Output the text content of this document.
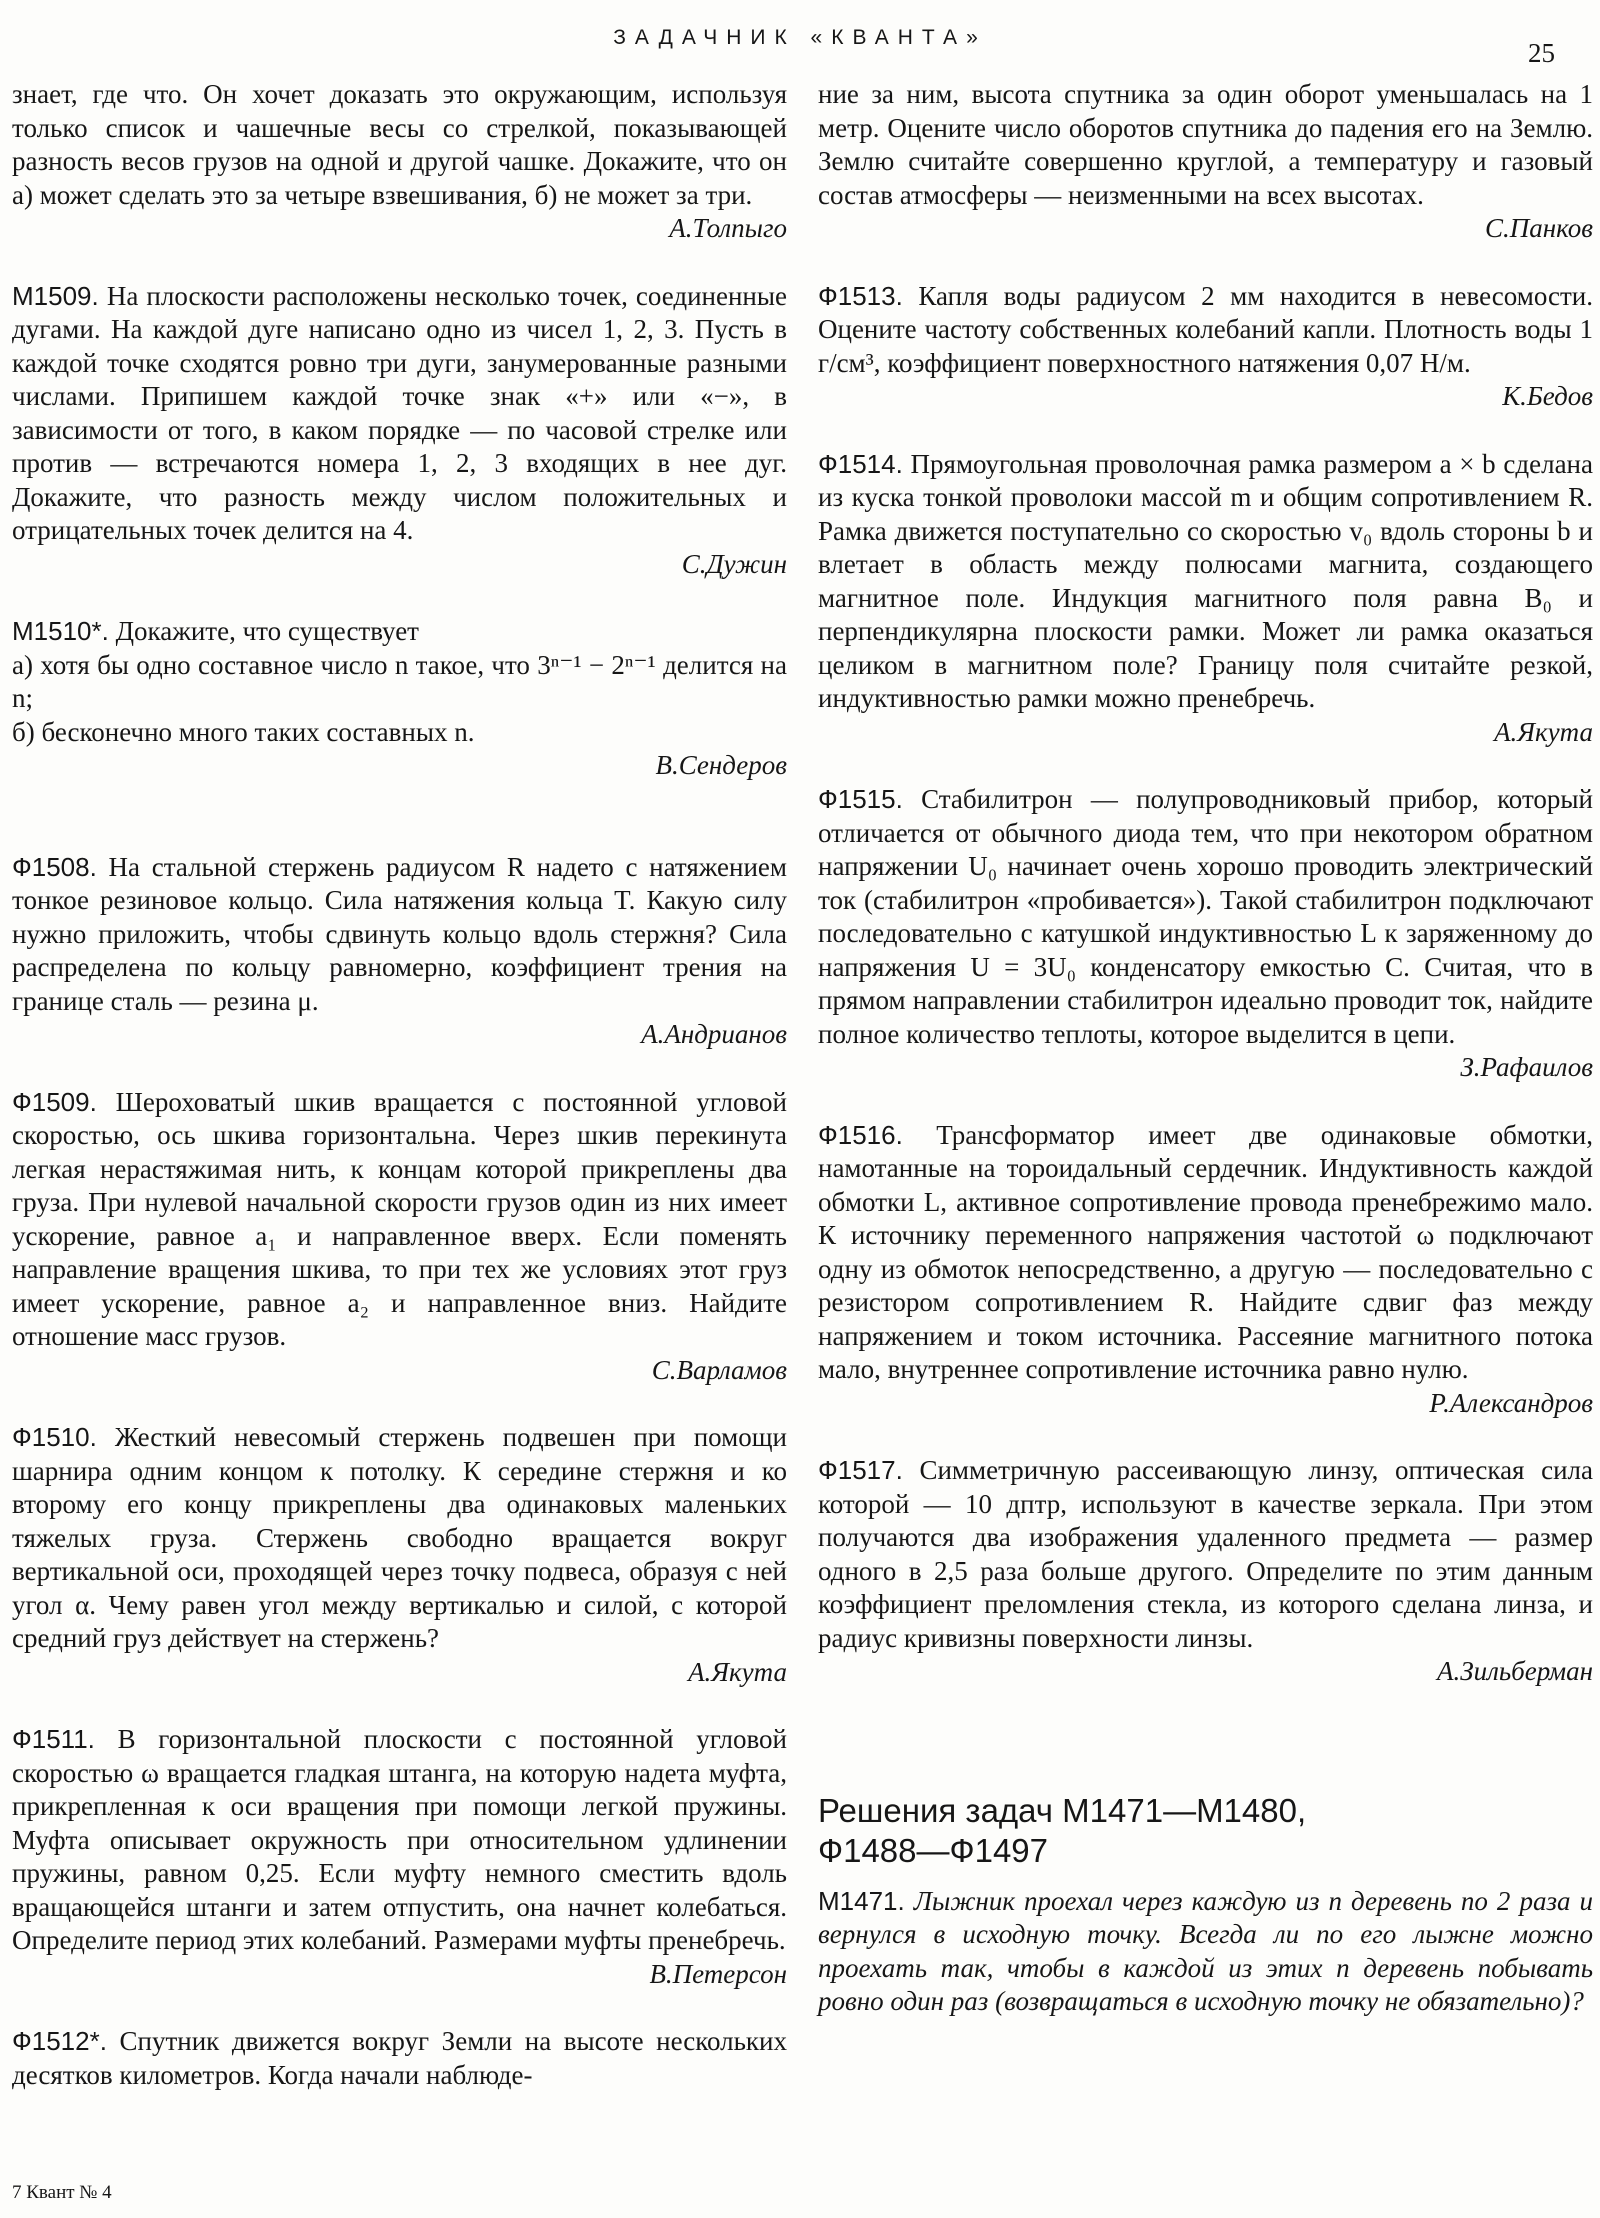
ЗАДАЧНИК «КВАНТА»
25

знает, где что. Он хочет доказать это окружающим, используя только список и чашечные весы со стрелкой, показывающей разность весов грузов на одной и другой чашке. Докажите, что он а) может сделать это за четыре взвешивания, б) не может за три.

А.Толпыго

М1509. На плоскости расположены несколько точек, соединенные дугами. На каждой дуге написано одно из чисел 1, 2, 3. Пусть в каждой точке сходятся ровно три дуги, занумерованные разными числами. Припишем каждой точке знак «+» или «−», в зависимости от того, в каком порядке — по часовой стрелке или против — встречаются номера 1, 2, 3 входящих в нее дуг. Докажите, что разность между числом положительных и отрицательных точек делится на 4.

С.Дужин

М1510*. Докажите, что существует

а) хотя бы одно составное число n такое, что 3ⁿ⁻¹ − 2ⁿ⁻¹ делится на n;

б) бесконечно много таких составных n.

В.Сендеров

Ф1508. На стальной стержень радиусом R надето с натяжением тонкое резиновое кольцо. Сила натяжения кольца T. Какую силу нужно приложить, чтобы сдвинуть кольцо вдоль стержня? Сила распределена по кольцу равномерно, коэффициент трения на границе сталь — резина μ.

А.Андрианов

Ф1509. Шероховатый шкив вращается с постоянной угловой скоростью, ось шкива горизонтальна. Через шкив перекинута легкая нерастяжимая нить, к концам которой прикреплены два груза. При нулевой начальной скорости грузов один из них имеет ускорение, равное a₁ и направленное вверх. Если поменять направление вращения шкива, то при тех же условиях этот груз имеет ускорение, равное a₂ и направленное вниз. Найдите отношение масс грузов.

С.Варламов

Ф1510. Жесткий невесомый стержень подвешен при помощи шарнира одним концом к потолку. К середине стержня и ко второму его концу прикреплены два одинаковых маленьких тяжелых груза. Стержень свободно вращается вокруг вертикальной оси, проходящей через точку подвеса, образуя с ней угол α. Чему равен угол между вертикалью и силой, с которой средний груз действует на стержень?

А.Якута

Ф1511. В горизонтальной плоскости с постоянной угловой скоростью ω вращается гладкая штанга, на которую надета муфта, прикрепленная к оси вращения при помощи легкой пружины. Муфта описывает окружность при относительном удлинении пружины, равном 0,25. Если муфту немного сместить вдоль вращающейся штанги и затем отпустить, она начнет колебаться. Определите период этих колебаний. Размерами муфты пренебречь.

В.Петерсон

Ф1512*. Спутник движется вокруг Земли на высоте нескольких десятков километров. Когда начали наблюде-

ние за ним, высота спутника за один оборот уменьшалась на 1 метр. Оцените число оборотов спутника до падения его на Землю. Землю считайте совершенно круглой, а температуру и газовый состав атмосферы — неизменными на всех высотах.

С.Панков

Ф1513. Капля воды радиусом 2 мм находится в невесомости. Оцените частоту собственных колебаний капли. Плотность воды 1 г/см³, коэффициент поверхностного натяжения 0,07 Н/м.

К.Бедов

Ф1514. Прямоугольная проволочная рамка размером a × b сделана из куска тонкой проволоки массой m и общим сопротивлением R. Рамка движется поступательно со скоростью v₀ вдоль стороны b и влетает в область между полюсами магнита, создающего магнитное поле. Индукция магнитного поля равна B₀ и перпендикулярна плоскости рамки. Может ли рамка оказаться целиком в магнитном поле? Границу поля считайте резкой, индуктивностью рамки можно пренебречь.

А.Якута

Ф1515. Стабилитрон — полупроводниковый прибор, который отличается от обычного диода тем, что при некотором обратном напряжении U₀ начинает очень хорошо проводить электрический ток (стабилитрон «пробивается»). Такой стабилитрон подключают последовательно с катушкой индуктивностью L к заряженному до напряжения U = 3U₀ конденсатору емкостью C. Считая, что в прямом направлении стабилитрон идеально проводит ток, найдите полное количество теплоты, которое выделится в цепи.

З.Рафаилов

Ф1516. Трансформатор имеет две одинаковые обмотки, намотанные на тороидальный сердечник. Индуктивность каждой обмотки L, активное сопротивление провода пренебрежимо мало. К источнику переменного напряжения частотой ω подключают одну из обмоток непосредственно, а другую — последовательно с резистором сопротивлением R. Найдите сдвиг фаз между напряжением и током источника. Рассеяние магнитного потока мало, внутреннее сопротивление источника равно нулю.

Р.Александров

Ф1517. Симметричную рассеивающую линзу, оптическая сила которой — 10 дптр, используют в качестве зеркала. При этом получаются два изображения удаленного предмета — размер одного в 2,5 раза больше другого. Определите по этим данным коэффициент преломления стекла, из которого сделана линза, и радиус кривизны поверхности линзы.

А.Зильберман

Решения задач М1471—М1480,

Ф1488—Ф1497

М1471. Лыжник проехал через каждую из n деревень по 2 раза и вернулся в исходную точку. Всегда ли по его лыжне можно проехать так, чтобы в каждой из этих n деревень побывать ровно один раз (возвращаться в исходную точку не обязательно)?

7 Квант № 4
